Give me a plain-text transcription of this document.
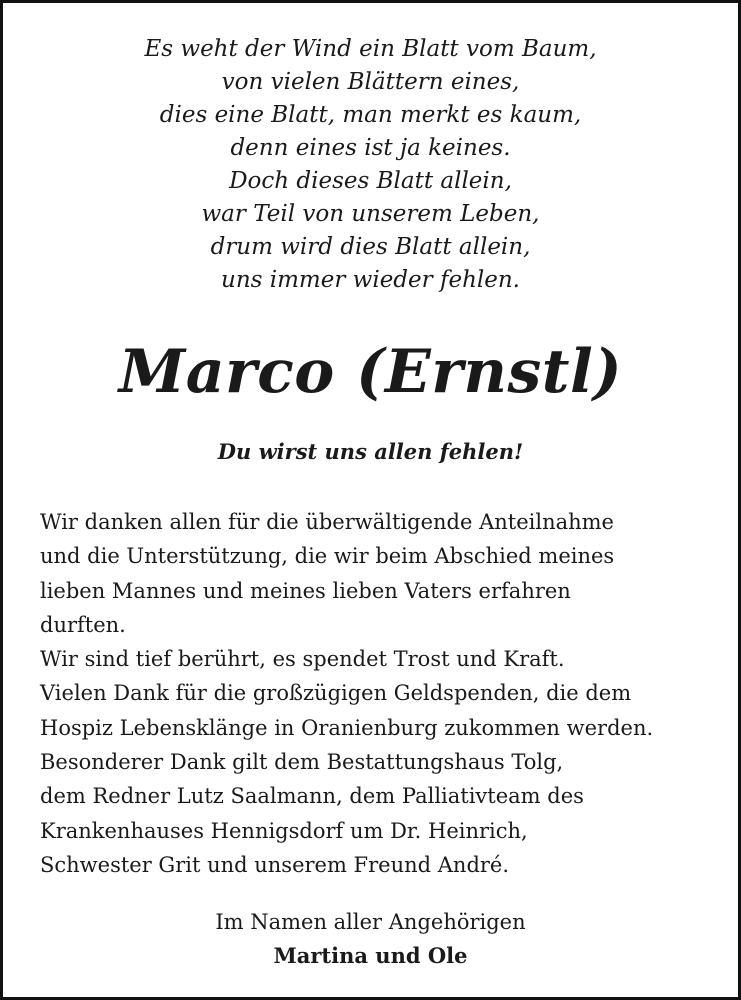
Es weht der Wind ein Blatt vom Baum,
von vielen Blättern eines,
dies eine Blatt, man merkt es kaum,
denn eines ist ja keines.
Doch dieses Blatt allein,
war Teil von unserem Leben,
drum wird dies Blatt allein,
uns immer wieder fehlen.
Marco (Ernstl)
Du wirst uns allen fehlen!
Wir danken allen für die überwältigende Anteilnahme
und die Unterstützung, die wir beim Abschied meines
lieben Mannes und meines lieben Vaters erfahren
durften.
Wir sind tief berührt, es spendet Trost und Kraft.
Vielen Dank für die großzügigen Geldspenden, die dem
Hospiz Lebensklänge in Oranienburg zukommen werden.
Besonderer Dank gilt dem Bestattungshaus Tolg,
dem Redner Lutz Saalmann, dem Palliativteam des
Krankenhauses Hennigsdorf um Dr. Heinrich,
Schwester Grit und unserem Freund André.
Im Namen aller Angehörigen
Martina und Ole
